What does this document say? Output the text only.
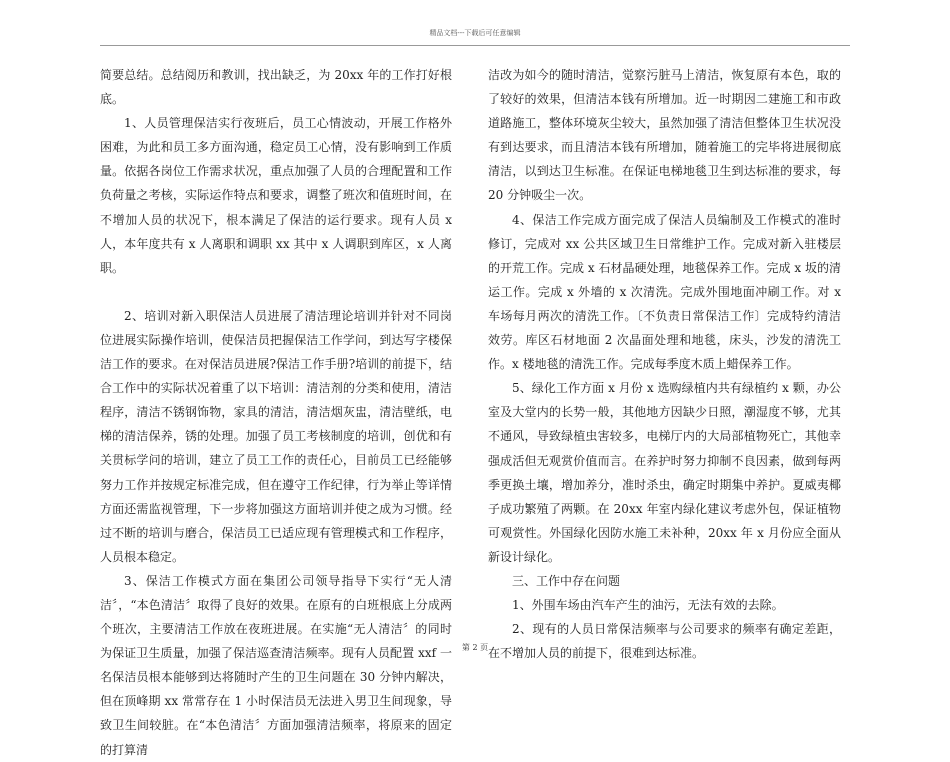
精品文档---下载后可任意编辑

简要总结。总结阅历和教训，找出缺乏，为 20xx 年的工作打好根底。

1、人员管理保洁实行夜班后，员工心情波动，开展工作格外困难，为此和员工多方面沟通，稳定员工心情，没有影响到工作质量。依据各岗位工作需求状况，重点加强了人员的合理配置和工作负荷量之考核，实际运作特点和要求，调整了班次和值班时间，在不增加人员的状况下，根本满足了保洁的运行要求。现有人员 x 人，本年度共有 x 人离职和调职 xx 其中 x 人调职到库区，x 人离职。

2、培训对新入职保洁人员进展了清洁理论培训并针对不同岗位进展实际操作培训，使保洁员把握保洁工作学问，到达写字楼保洁工作的要求。在对保洁员进展?保洁工作手册?培训的前提下，结合工作中的实际状况着重了以下培训：清洁剂的分类和使用，清洁程序，清洁不锈钢饰物，家具的清洁，清洁烟灰盅，清洁壁纸，电梯的清洁保养，锈的处理。加强了员工考核制度的培训，创优和有关贯标学问的培训，建立了员工工作的责任心，目前员工已经能够努力工作并按规定标准完成，但在遵守工作纪律，行为举止等详情方面还需监视管理，下一步将加强这方面培训并使之成为习惯。经过不断的培训与磨合，保洁员工已适应现有管理模式和工作程序，人员根本稳定。

3、保洁工作模式方面在集团公司领导指导下实行“无人清洁〞，“本色清洁〞取得了良好的效果。在原有的白班根底上分成两个班次，主要清洁工作放在夜班进展。在实施“无人清洁〞的同时为保证卫生质量，加强了保洁巡查清洁频率。现有人员配置 xxf 一名保洁员根本能够到达将随时产生的卫生问题在 30 分钟内解决，但在顶峰期 xx 常常存在 1 小时保洁员无法进入男卫生间现象，导致卫生间较脏。在“本色清洁〞方面加强清洁频率，将原来的固定的打算清

洁改为如今的随时清洁，觉察污脏马上清洁，恢复原有本色，取的了较好的效果，但清洁本钱有所增加。近一时期因二建施工和市政道路施工，整体环境灰尘较大，虽然加强了清洁但整体卫生状况没有到达要求，而且清洁本钱有所增加，随着施工的完毕将进展彻底清洁，以到达卫生标准。在保证电梯地毯卫生到达标准的要求，每 20 分钟吸尘一次。

4、保洁工作完成方面完成了保洁人员编制及工作模式的准时修订，完成对 xx 公共区域卫生日常维护工作。完成对新入驻楼层的开荒工作。完成 x 石材晶硬处理，地毯保养工作。完成 x 坂的清运工作。完成 x 外墙的 x 次清洗。完成外围地面冲刷工作。对 x 车场每月两次的清洗工作。〔不负责日常保洁工作〕完成特约清洁效劳。库区石材地面 2 次晶面处理和地毯，床头，沙发的清洗工作。x 楼地毯的清洗工作。完成每季度木质上蜡保养工作。

5、绿化工作方面 x 月份 x 选购绿植内共有绿植约 x 颗，办公室及大堂内的长势一般，其他地方因缺少日照，潮湿度不够，尤其不通风，导致绿植虫害较多，电梯厅内的大局部植物死亡，其他幸强成活但无观赏价值而言。在养护时努力抑制不良因素，做到每两季更换土壤，增加养分，准时杀虫，确定时期集中养护。夏威夷椰子成功繁殖了两颗。在 20xx 年室内绿化建议考虑外包，保证植物可观赏性。外国绿化因防水施工未补种，20xx 年 x 月份应全面从新设计绿化。

三、工作中存在问题

1、外围车场由汽车产生的油污，无法有效的去除。

2、现有的人员日常保洁频率与公司要求的频率有确定差距，在不增加人员的前提下，很难到达标准。

第 2 页
